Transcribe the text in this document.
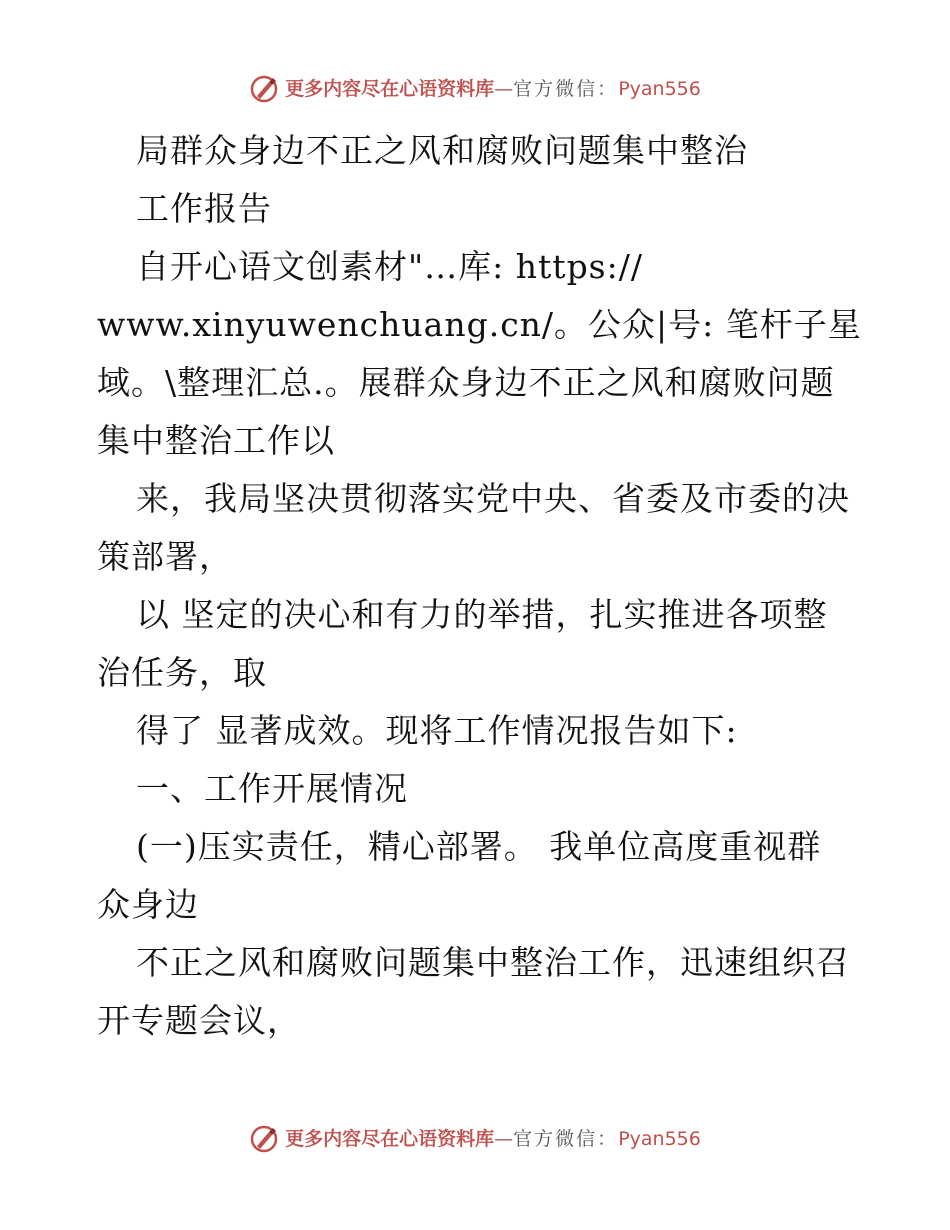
更多内容尽在心语资料库 — 官方微信： Pyan556
局群众身边不正之风和腐败问题集中整治
工作报告
自开心语文创素材"…库: https://
www.xinyuwenchuang.cn/。公众|号: 笔杆子星
域。\整理汇总.。展群众身边不正之风和腐败问题
集中整治工作以
来，我局坚决贯彻落实党中央、省委及市委的决
策部署，
以 坚定的决心和有力的举措，扎实推进各项整
治任务，取
得了 显著成效。现将工作情况报告如下:
一、工作开展情况
(一)压实责任，精心部署。 我单位高度重视群
众身边
不正之风和腐败问题集中整治工作，迅速组织召
开专题会议，
更多内容尽在心语资料库 — 官方微信： Pyan556
